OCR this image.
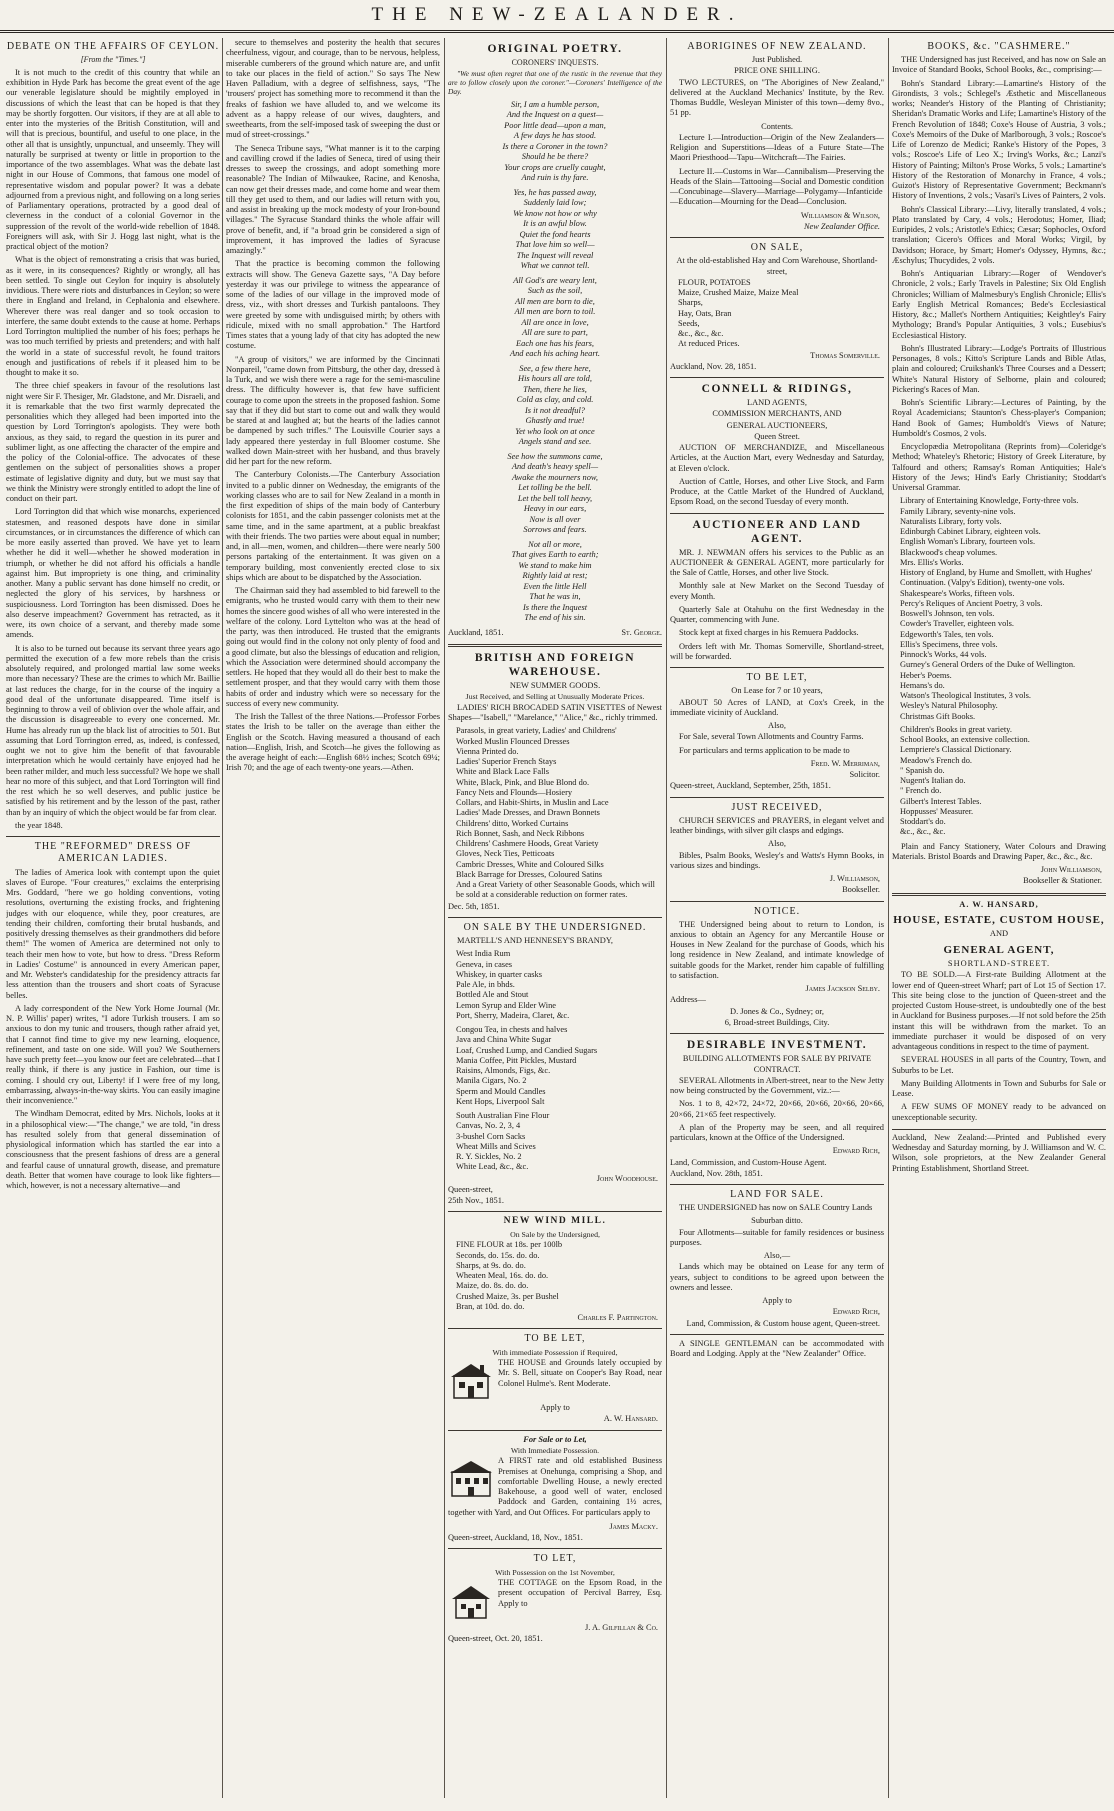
THE NEW-ZEALANDER.
DEBATE ON THE AFFAIRS OF CEYLON.
[From the "Times."]

It is not much to the credit of this country that while an exhibition in Hyde Park has become the great event of the age our venerable legislature should be mightily employed in discussions of which the least that can be hoped is that they may be shortly forgotten. Our visitors, if they are at all able to enter into the mysteries of the British Constitution, will and will that is precious, bountiful, and useful to one place, in the other all that is unsightly, unpunctual, and unseemly. They will naturally be surprised at twenty or little in proportion to the importance of the two assemblages. What was the debate last night in our House of Commons, that famous one model of representative wisdom and popular power? It was a debate adjourned from a previous night, and following on a long series of Parliamentary operations, protracted by a good deal of cleverness in the conduct of a colonial Governor in the suppression of the revolt of the world-wide rebellion of 1848. Foreigners will ask, with Sir J. Hogg last night, what is the practical object of the motion?

What is the object of remonstrating a crisis that was buried, as it were, in its consequences? Rightly or wrongly, all has been settled. To single out Ceylon for inquiry is absolutely invidious. There were riots and disturbances in Ceylon; so were there in England and Ireland, in Cephalonia and elsewhere. Wherever there was real danger and so took occasion to interfere, the same doubt extends to the cause at home. Perhaps Lord Torrington multiplied the number of his foes; perhaps he was too much terrified by priests and pretenders; and with half the world in a state of successful revolt, he found traitors enough and justifications of rebels if it pleased him to be thought to make it so.

The three chief speakers in favour of the resolutions last night were Sir F. Thesiger, Mr. Gladstone, and Mr. Disraeli, and it is remarkable that the two first warmly deprecated the personalities which they alleged had been imported into the question by Lord Torrington's apologists. They were both anxious, as they said, to regard the question in its purer and sublimer light, as one affecting the character of the empire and the policy of the Colonial-office. The advocates of these gentlemen on the subject of personalities shows a proper estimate of legislative dignity and duty, but we must say that we think the Ministry were strongly entitled to adopt the line of conduct on their part.

Lord Torrington did that which wise monarchs, experienced statesmen, and reasoned despots have done in similar circumstances, or in circumstances the difference of which can be more easily asserted than proved. We have yet to learn whether he did it well—whether he showed moderation in triumph, or whether he did not afford his officials a handle against him. But impropriety is one thing, and criminality another. Many a public servant has done himself no credit, or neglected the glory of his services, by harshness or suspiciousness. Lord Torrington has been dismissed. Does he also deserve impeachment? Government has retracted, as it were, its own choice of a servant, and thereby made some amends.

It is also to be turned out because its servant three years ago permitted the execution of a few more rebels than the crisis absolutely required, and prolonged martial law some weeks more than necessary? These are the crimes to which Mr. Baillie at last reduces the charge, for in the course of the inquiry a good deal of the unfortunate disappeared. Time itself is beginning to throw a veil of oblivion over the whole affair, and the discussion is disagreeable to every one concerned. Mr. Hume has already run up the black list of atrocities to 501. But assuming that Lord Torrington erred, as, indeed, is confessed, ought we not to give him the benefit of that favourable interpretation which he would certainly have enjoyed had he been rather milder, and much less successful? We hope we shall hear no more of this subject, and that Lord Torrington will find the rest which he so well deserves, and public justice be satisfied by his retirement and by the lesson of the past, rather than by an inquiry of which the object would be far from clear.

the year 1848.

THE "REFORMED" DRESS OF AMERICAN LADIES.

The ladies of America look with contempt upon the quiet slaves of Europe. "Four creatures," exclaims the enterprising Mrs. Goddard, "here we go holding conventions, voting resolutions, overturning the existing frocks, and frightening judges with our eloquence, while they, poor creatures, are tending their children, comforting their brutal husbands, and positively dressing themselves as their grandmothers did before them!" The women of America are determined not only to teach their men how to vote, but how to dress. "Dress Reform in Ladies' Costume" is announced in every American paper, and Mr. Webster's candidateship for the presidency attracts far less attention than the trousers and short coats of Syracuse belles.

A lady correspondent of the New York Home Journal (Mr. N. P. Willis' paper) writes, "I adore Turkish trousers. I am so anxious to don my tunic and trousers, though rather afraid yet, that I cannot find time to give my new learning, eloquence, refinement, and taste on one side. Will you? We Southerners have such pretty feet—you know our feet are celebrated—that I really think, if there is any justice in Fashion, our time is coming. I should cry out, Liberty! if I were free of my long, embarrassing, always-in-the-way skirts. You can easily imagine their inconvenience."

The Windham Democrat, edited by Mrs. Nichols, looks at it in a philosophical view:—"The change," we are told, "in dress has resulted solely from that general dissemination of physiological information which has startled the ear into a consciousness that the present fashions of dress are a general and fearful cause of unnatural growth, disease, and premature death. Better that women have courage to look like fighters—which, however, is not a necessary alternative—and

secure to themselves and posterity the health that secures cheerfulness, vigour, and courage, than to be nervous, helpless, miserable cumberers of the ground which nature are, and unfit to take our places in the field of action." So says The New Haven Palladium, with a degree of selfishness, says, "The 'trousers' project has something more to recommend it than the freaks of fashion we have alluded to, and we welcome its advent as a happy release of our wives, daughters, and sweethearts, from the self-imposed task of sweeping the dust or mud of street-crossings."

The Seneca Tribune says, "What manner is it to the carping and cavilling crowd if the ladies of Seneca, tired of using their dresses to sweep the crossings, and adopt something more reasonable? The Indian of Milwaukee, Racine, and Kenosha, can now get their dresses made, and come home and wear them till they get used to them, and our ladies will return with you, and assist in breaking up the mock modesty of your Iron-bound villages." The Syracuse Standard thinks the whole affair will prove of benefit, and, if "a broad grin be considered a sign of improvement, it has improved the ladies of Syracuse amazingly."

That the practice is becoming common the following extracts will show. The Geneva Gazette says, "A Day before yesterday it was our privilege to witness the appearance of some of the ladies of our village in the improved mode of dress, viz., with short dresses and Turkish pantaloons. They were greeted by some with undisguised mirth; by others with ridicule, mixed with no small approbation." The Hartford Times states that a young lady of that city has adopted the new costume.

"A group of visitors," we are informed by the Cincinnati Nonpareil, "came down from Pittsburg, the other day, dressed à la Turk, and we wish there were a rage for the semi-masculine dress. The difficulty however is, that few have sufficient courage to come upon the streets in the proposed fashion. Some say that if they did but start to come out and walk they would be stared at and laughed at; but the hearts of the ladies cannot be dampened by such trifles." The Louisville Courier says a lady appeared there yesterday in full Bloomer costume. She walked down Main-street with her husband, and thus bravely did her part for the new reform.

The Canterbury Colonists.—The Canterbury Association invited to a public dinner on Wednesday, the emigrants of the working classes who are to sail for New Zealand in a month in the first expedition of ships of the main body of Canterbury colonists for 1851, and the cabin passenger colonists met at the same time, and in the same apartment, at a public breakfast with their friends. The two parties were about equal in number; and, in all—men, women, and children—there were nearly 500 persons partaking of the entertainment. It was given on a temporary building, most conveniently erected close to six ships which are about to be dispatched by the Association.

The Chairman said they had assembled to bid farewell to the emigrants, who he trusted would carry with them to their new homes the sincere good wishes of all who were interested in the welfare of the colony. Lord Lyttelton who was at the head of the party, was then introduced. He trusted that the emigrants going out would find in the colony not only plenty of food and a good climate, but also the blessings of education and religion, which the Association were determined should accompany the settlers. He hoped that they would all do their best to make the settlement prosper, and that they would carry with them those habits of order and industry which were so necessary for the success of every new community.

The Irish the Tallest of the three Nations.—Professor Forbes states the Irish to be taller on the average than either the English or the Scotch. Having measured a thousand of each nation—English, Irish, and Scotch—he gives the following as the average height of each:—English 68½ inches; Scotch 69¼; Irish 70; and the age of each twenty-one years.—Athen.

ORIGINAL POETRY.
CORONERS' INQUESTS.

"We must often regret that one of the rustic in the revenue that they are to follow closely upon the coroner."—Coroners' Intelligence of the Day.

Sir, I am a humble person,
And the Inquest on a quest—
Poor little dead—upon a man,
A few days he has stood.
Is there a Coroner in the town?
Should he be there?
Your crops are cruelly caught,
And ruin is thy fare.

Yes, he has passed away,
Suddenly laid low;
We know not how or why
It is an awful blow.
Quiet the fond hearts
That love him so well—
The Inquest will reveal
What we cannot tell.

All God's are weary lent,
Such as the soil,
All men are born to die,
All men are born to toil.
All are once in love,
All are sure to part,
Each one has his fears,
And each his aching heart.

See, a few there here,
His hours all are told,
Then, there he lies,
Cold as clay, and cold.
Is it not dreadful?
Ghastly and true!
Yet who look on at once
Angels stand and see.

See how the summons came,
And death's heavy spell—
Awake the mourners now,
Let tolling be the bell.
Let the bell toll heavy,
Heavy in our ears,
Now is all over
Sorrows and fears.

Not all or more,
That gives Earth to earth;
We stand to make him
Rightly laid at rest;
Even the little Hell
That he was in,
Is there the Inquest
The end of his sin.
Auckland, 1851.	St. George.
BRITISH AND FOREIGN WAREHOUSE.
NEW SUMMER GOODS.
Just Received, and Selling at Unusually Moderate Prices.

LADIES' RICH BROCADED SATIN VISETTES of Newest Shapes—"Isabell," "Marelance," "Alice," &c., richly trimmed.

Parasols, in great variety, Ladies' and Childrens'
Worked Muslin Flounced Dresses
Vienna Printed do.
Ladies' Superior French Stays
White and Black Lace Falls
White, Black, Pink, and Blue Blond do.
Fancy Nets and Flounds—Hosiery
Collars, and Habit-Shirts, in Muslin and Lace
Ladies' Made Dresses, and Drawn Bonnets
Childrens' ditto, Worked Curtains
Rich Bonnet, Sash, and Neck Ribbons
Childrens' Cashmere Hoods, Great Variety
Gloves, Neck Ties, Petticoats
Cambric Dresses, White and Coloured Silks
Black Barrage for Dresses, Coloured Satins
And a Great Variety of other Seasonable Goods, which will be sold at a considerable reduction on former rates.
Dec. 5th, 1851.
ON SALE BY THE UNDERSIGNED.

MARTELL'S AND HENNESEY'S BRANDY,

West India Rum
Geneva, in cases
Whiskey, in quarter casks
Pale Ale, in bhds.
Bottled Ale and Stout
Lemon Syrup and Elder Wine
Port, Sherry, Madeira, Claret, &c.

Congou Tea, in chests and halves
Java and China White Sugar
Loaf, Crushed Lump, and Candied Sugars
Mania Coffee, Pitt Pickles, Mustard
Raisins, Almonds, Figs, &c.
Manila Cigars, No. 2
Sperm and Mould Candles
Kent Hops, Liverpool Salt

South Australian Fine Flour
Canvas, No. 2, 3, 4
3-bushel Corn Sacks
Wheat Mills and Scives
R. Y. Sickles, No. 2
White Lead, &c., &c.
John Woodhouse.
Queen-street,
25th Nov., 1851.
NEW WIND MILL.
On Sale by the Undersigned,
FINE FLOUR at 18s. per 100lb
Seconds, do. 15s. do. do.
Sharps, at 9s. do. do.
Wheaten Meal, 16s. do. do.
Maize, do. 8s. do. do.
Crushed Maize, 3s. per Bushel
Bran, at 10d. do. do.
Charles F. Partington.
TO BE LET,
With immediate Possession if Required,

THE HOUSE and Grounds lately occupied by Mr. S. Bell, situate on Cooper's Bay Road, near Colonel Hulme's. Rent Moderate.

Apply to
A. W. Hansard.
For Sale or to Let,
With Immediate Possession.

A FIRST rate and old established Business Premises at Onehunga, comprising a Shop, and comfortable Dwelling House, a newly erected Bakehouse, a good well of water, enclosed Paddock and Garden, containing 1½ acres, together with Yard, and Out Offices. For particulars apply to

James Macky.
Queen-street, Auckland, 18, Nov., 1851.
TO LET,
With Possession on the 1st November,

THE COTTAGE on the Epsom Road, in the present occupation of Percival Barrey, Esq. Apply to

J. A. Gilfillan & Co.
Queen-street, Oct. 20, 1851.
BOOKS, &c. "CASHMERE."

THE Undersigned has just Received, and has now on Sale an Invoice of Standard Books, School Books, &c., comprising:—

Bohn's Standard Library:—Lamartine's History of the Girondists, 3 vols.; Schlegel's Æsthetic and Miscellaneous works; Neander's History of the Planting of Christianity; Sheridan's Dramatic Works and Life; Lamartine's History of the French Revolution of 1848; Coxe's House of Austria, 3 vols.; Coxe's Memoirs of the Duke of Marlborough, 3 vols.; Roscoe's Life of Lorenzo de Medici; Ranke's History of the Popes, 3 vols.; Roscoe's Life of Leo X.; Irving's Works, &c.; Lanzi's History of Painting; Milton's Prose Works, 5 vols.; Lamartine's History of the Restoration of Monarchy in France, 4 vols.; Guizot's History of Representative Government; Beckmann's History of Inventions, 2 vols.; Vasari's Lives of Painters, 2 vols.

Bohn's Classical Library:—Livy, literally translated, 4 vols.; Plato translated by Cary, 4 vols.; Herodotus; Homer, Iliad; Euripides, 2 vols.; Aristotle's Ethics; Cæsar; Sophocles, Oxford translation; Cicero's Offices and Moral Works; Virgil, by Davidson; Horace, by Smart; Homer's Odyssey, Hymns, &c.; Æschylus; Thucydides, 2 vols.

Bohn's Antiquarian Library:—Roger of Wendover's Chronicle, 2 vols.; Early Travels in Palestine; Six Old English Chronicles; William of Malmesbury's English Chronicle; Ellis's Early English Metrical Romances; Bede's Ecclesiastical History, &c.; Mallet's Northern Antiquities; Keightley's Fairy Mythology; Brand's Popular Antiquities, 3 vols.; Eusebius's Ecclesiastical History.

Bohn's Illustrated Library:—Lodge's Portraits of Illustrious Personages, 8 vols.; Kitto's Scripture Lands and Bible Atlas, plain and coloured; Cruikshank's Three Courses and a Dessert; White's Natural History of Selborne, plain and coloured; Pickering's Races of Man.

Bohn's Scientific Library:—Lectures of Painting, by the Royal Academicians; Staunton's Chess-player's Companion; Hand Book of Games; Humboldt's Views of Nature; Humboldt's Cosmos, 2 vols.

Encyclopædia Metropolitana (Reprints from)—Coleridge's Method; Whateley's Rhetoric; History of Greek Literature, by Talfourd and others; Ramsay's Roman Antiquities; Hale's History of the Jews; Hind's Early Christianity; Stoddart's Universal Grammar.

Library of Entertaining Knowledge, Forty-three vols.
Family Library, seventy-nine vols.
Naturalists Library, forty vols.
Edinburgh Cabinet Library, eighteen vols.
English Woman's Library, fourteen vols.
Blackwood's cheap volumes.
Mrs. Ellis's Works.
History of England, by Hume and Smollett, with Hughes' Continuation. (Valpy's Edition), twenty-one vols.
Shakespeare's Works, fifteen vols.
Percy's Reliques of Ancient Poetry, 3 vols.
Boswell's Johnson, ten vols.
Cowder's Traveller, eighteen vols.
Edgeworth's Tales, ten vols.
Ellis's Specimens, three vols.
Pinnock's Works, 44 vols.
Gurney's General Orders of the Duke of Wellington.
Heber's Poems.
Hemans's do.
Watson's Theological Institutes, 3 vols.
Wesley's Natural Philosophy.
Christmas Gift Books.
Children's Books in great variety.
School Books, an extensive collection.
Lempriere's Classical Dictionary.
Meadow's French do.
" Spanish do.
Nugent's Italian do.
" French do.
Gilbert's Interest Tables.
Hoppusses' Measurer.
Stoddart's do.
&c., &c., &c.

Plain and Fancy Stationery, Water Colours and Drawing Materials. Bristol Boards and Drawing Paper, &c., &c., &c.

John Williamson,
Bookseller & Stationer.
A. W. HANSARD,
HOUSE, ESTATE, CUSTOM HOUSE,
AND
GENERAL AGENT,
SHORTLAND-STREET.

TO BE SOLD.—A First-rate Building Allotment at the lower end of Queen-street Wharf; part of Lot 15 of Section 17. This site being close to the junction of Queen-street and the projected Custom House-street, is undoubtedly one of the best in Auckland for Business purposes.—If not sold before the 25th instant this will be withdrawn from the market. To an immediate purchaser it would be disposed of on very advantageous conditions in respect to the time of payment.

SEVERAL HOUSES in all parts of the Country, Town, and Suburbs to be Let.

Many Building Allotments in Town and Suburbs for Sale or Lease.

A FEW SUMS OF MONEY ready to be advanced on unexceptionable security.

Auckland, New Zealand:—Printed and Published every Wednesday and Saturday morning, by J. Williamson and W. C. Wilson, sole proprietors, at the New Zealander General Printing Establishment, Shortland Street.

ABORIGINES OF NEW ZEALAND.
Just Published.
PRICE ONE SHILLING.

TWO LECTURES, on "The Aborigines of New Zealand," delivered at the Auckland Mechanics' Institute, by the Rev. Thomas Buddle, Wesleyan Minister of this town—demy 8vo., 51 pp.

Contents.

Lecture I.—Introduction—Origin of the New Zealanders—Religion and Superstitions—Ideas of a Future State—The Maori Priesthood—Tapu—Witchcraft—The Fairies.

Lecture II.—Customs in War—Cannibalism—Preserving the Heads of the Slain—Tattooing—Social and Domestic condition—Concubinage—Slavery—Marriage—Polygamy—Infanticide—Education—Mourning for the Dead—Conclusion.

Williamson & Wilson,
New Zealander Office.
ON SALE,
At the old-established Hay and Corn Warehouse, Shortland-street,
FLOUR, POTATOES
Maize, Crushed Maize, Maize Meal
Sharps,
Hay, Oats, Bran
Seeds,
&c., &c., &c.
At reduced Prices.
Thomas Somerville.
Auckland, Nov. 28, 1851.
CONNELL & RIDINGS,
LAND AGENTS,
COMMISSION MERCHANTS, AND
GENERAL AUCTIONEERS,
Queen Street.

AUCTION OF MERCHANDIZE, and Miscellaneous Articles, at the Auction Mart, every Wednesday and Saturday, at Eleven o'clock.

Auction of Cattle, Horses, and other Live Stock, and Farm Produce, at the Cattle Market of the Hundred of Auckland, Epsom Road, on the second Tuesday of every month.

AUCTIONEER AND LAND AGENT.

MR. J. NEWMAN offers his services to the Public as an AUCTIONEER & GENERAL AGENT, more particularly for the Sale of Cattle, Horses, and other live Stock.

Monthly sale at New Market on the Second Tuesday of every Month.

Quarterly Sale at Otahuhu on the first Wednesday in the Quarter, commencing with June.

Stock kept at fixed charges in his Remuera Paddocks.

Orders left with Mr. Thomas Somerville, Shortland-street, will be forwarded.

TO BE LET,
On Lease for 7 or 10 years,

ABOUT 50 Acres of LAND, at Cox's Creek, in the immediate vicinity of Auckland.

Also,

For Sale, several Town Allotments and Country Farms.

For particulars and terms application to be made to

Fred. W. Merriman,
Solicitor.
Queen-street, Auckland, September, 25th, 1851.
JUST RECEIVED,

CHURCH SERVICES and PRAYERS, in elegant velvet and leather bindings, with silver gilt clasps and edgings.

Also,

Bibles, Psalm Books, Wesley's and Watts's Hymn Books, in various sizes and bindings.

J. Williamson,
Bookseller.
NOTICE.

THE Undersigned being about to return to London, is anxious to obtain an Agency for any Mercantile House or Houses in New Zealand for the purchase of Goods, which his long residence in New Zealand, and intimate knowledge of suitable goods for the Market, render him capable of fulfilling to satisfaction.

James Jackson Selby.
Address—
D. Jones & Co., Sydney; or,
6, Broad-street Buildings, City.
DESIRABLE INVESTMENT.
BUILDING ALLOTMENTS FOR SALE BY PRIVATE CONTRACT.

SEVERAL Allotments in Albert-street, near to the New Jetty now being constructed by the Government, viz.:—

Nos. 1 to 8, 42×72, 24×72, 20×66, 20×66, 20×66, 20×66, 20×66, 21×65 feet respectively.

A plan of the Property may be seen, and all required particulars, known at the Office of the Undersigned.

Edward Rich,
Land, Commission, and Custom-House Agent.
Auckland, Nov. 28th, 1851.
LAND FOR SALE.

THE UNDERSIGNED has now on SALE Country Lands

Suburban ditto.

Four Allotments—suitable for family residences or business purposes.

Also,—

Lands which may be obtained on Lease for any term of years, subject to conditions to be agreed upon between the owners and lessee.

Apply to
Edward Rich,
Land, Commission, & Custom house agent, Queen-street.

A SINGLE GENTLEMAN can be accommodated with Board and Lodging. Apply at the "New Zealander" Office.
